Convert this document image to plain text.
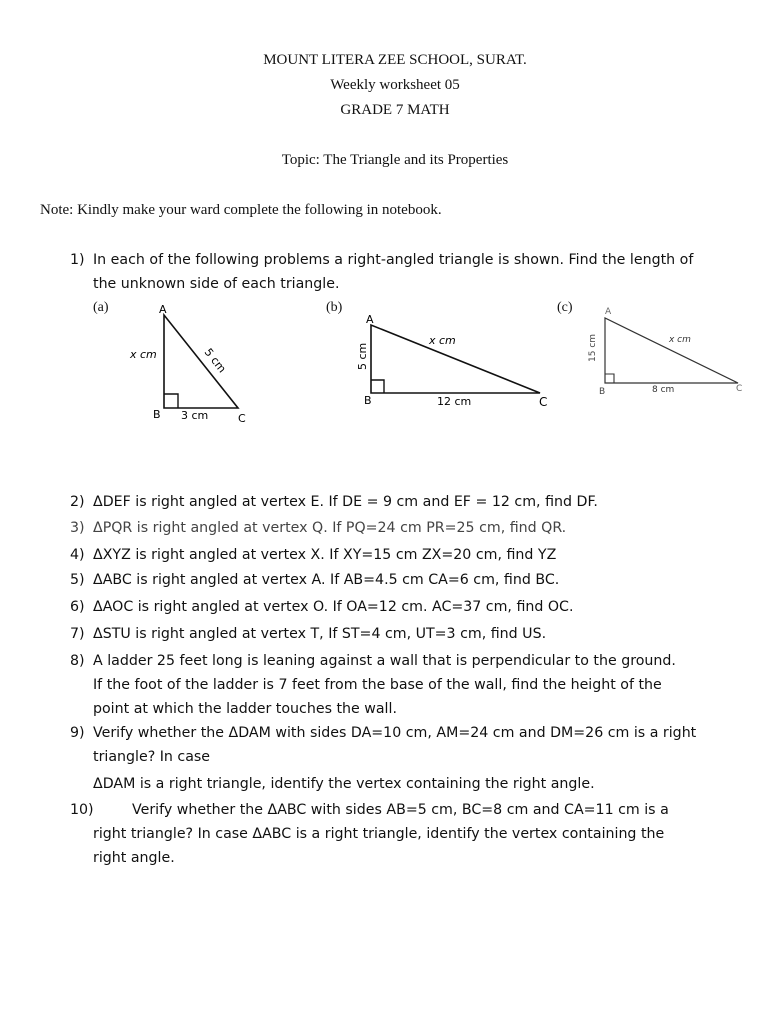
MOUNT LITERA ZEE SCHOOL, SURAT.
Weekly worksheet 05
GRADE 7 MATH
Topic: The Triangle and its Properties
Note: Kindly make your ward complete the following in notebook.
1) In each of the following problems a right-angled triangle is shown. Find the length of
the unknown side of each triangle.
(a)	(b)	(c)
A
B	C
x cm
3 cm
5 cm
A
B	C
5 cm
12 cm
x cm
A
B	C
15 cm
8 cm
x cm
2) ΔDEF is right angled at vertex E. If DE = 9 cm and EF = 12 cm, find DF.
3) ΔPQR is right angled at vertex Q. If PQ=24 cm PR=25 cm, find QR.
4) ΔXYZ is right angled at vertex X. If XY=15 cm ZX=20 cm, find YZ
5) ΔABC is right angled at vertex A. If AB=4.5 cm CA=6 cm, find BC.
6) ΔAOC is right angled at vertex O. If OA=12 cm. AC=37 cm, find OC.
7) ΔSTU is right angled at vertex T, If ST=4 cm, UT=3 cm, find US.
8) A ladder 25 feet long is leaning against a wall that is perpendicular to the ground.
If the foot of the ladder is 7 feet from the base of the wall, find the height of the
point at which the ladder touches the wall.
9) Verify whether the ΔDAM with sides DA=10 cm, AM=24 cm and DM=26 cm is a right
triangle? In case
ΔDAM is a right triangle, identify the vertex containing the right angle.
10)	Verify whether the ΔABC with sides AB=5 cm, BC=8 cm and CA=11 cm is a
right triangle? In case ΔABC is a right triangle, identify the vertex containing the
right angle.
